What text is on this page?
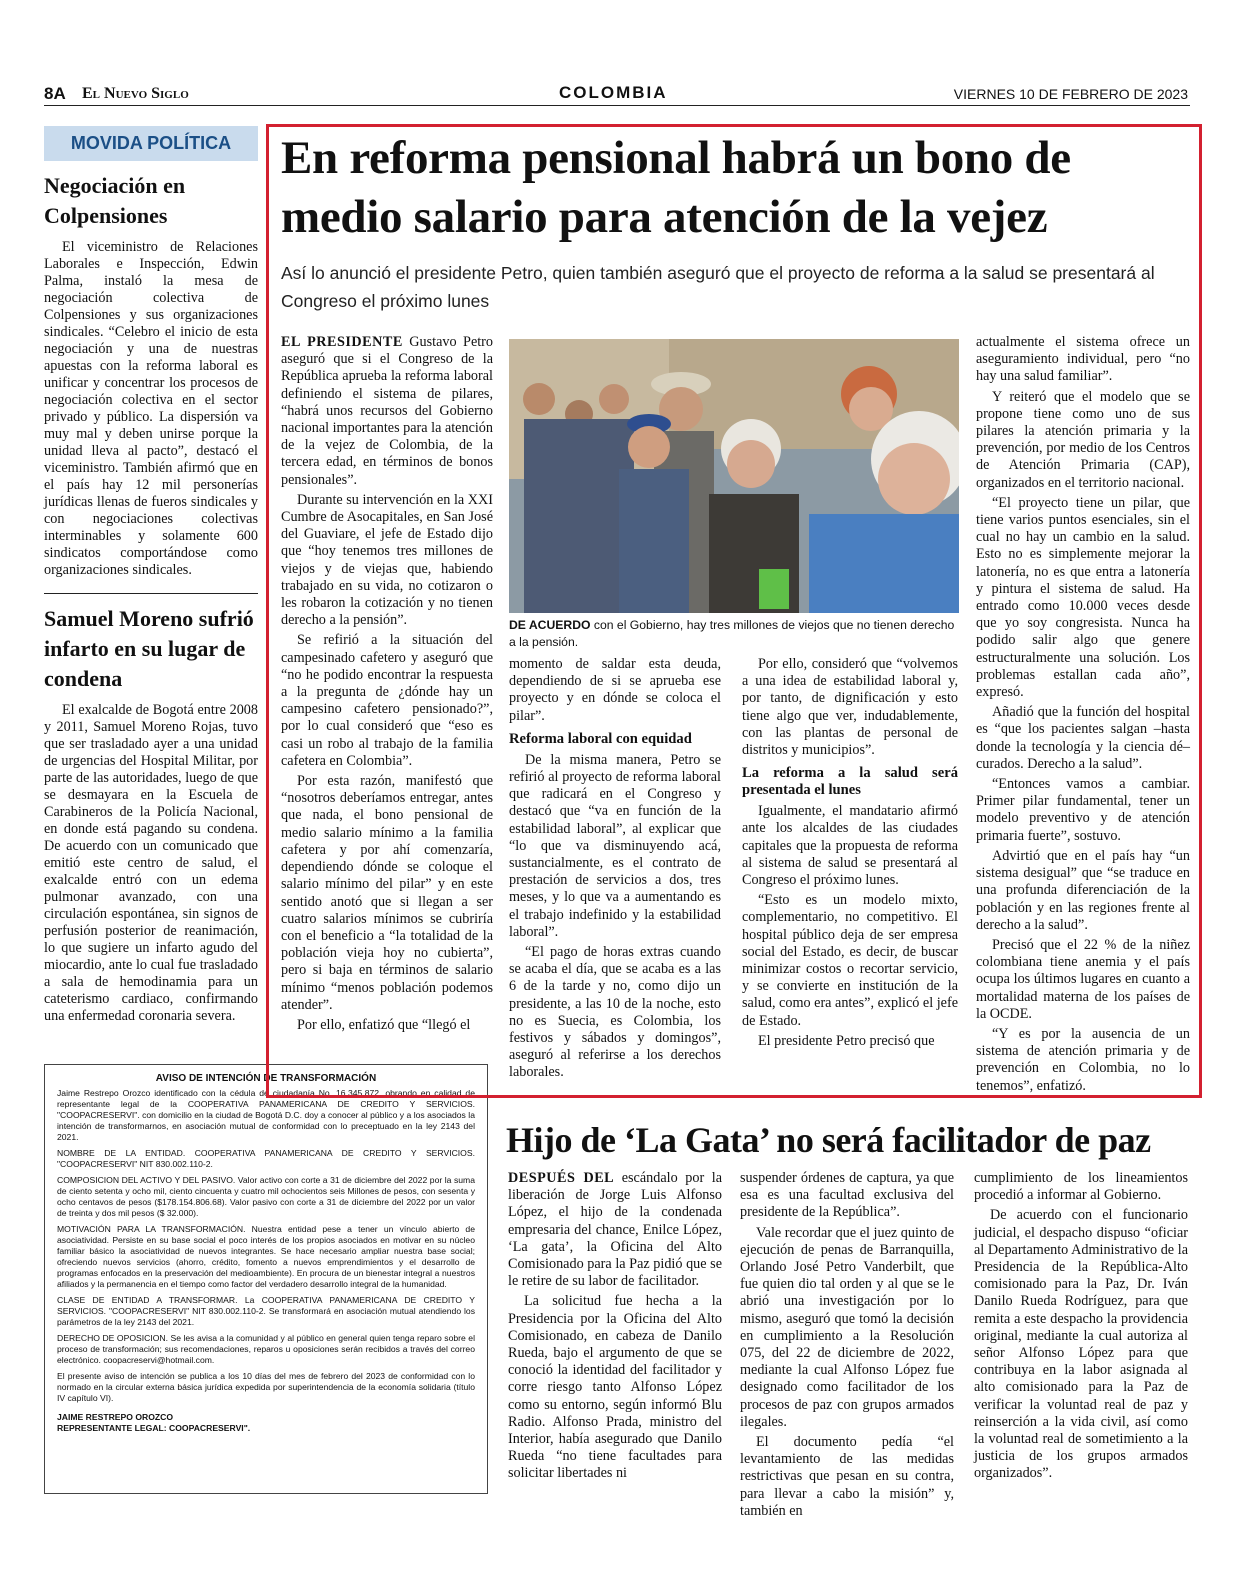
8A El Nuevo Siglo	COLOMBIA	VIERNES 10 DE FEBRERO DE 2023
MOVIDA POLÍTICA
Negociación en Colpensiones

El viceministro de Relaciones Laborales e Inspección, Edwin Palma, instaló la mesa de negociación colectiva de Colpensiones y sus organizaciones sindicales. “Celebro el inicio de esta negociación y una de nuestras apuestas con la reforma laboral es unificar y concentrar los procesos de negociación colectiva en el sector privado y público. La dispersión va muy mal y deben unirse porque la unidad lleva al pacto”, destacó el viceministro. También afirmó que en el país hay 12 mil personerías jurídicas llenas de fueros sindicales y con negociaciones colectivas interminables y solamente 600 sindicatos comportándose como organizaciones sindicales.

Samuel Moreno sufrió infarto en su lugar de condena

El exalcalde de Bogotá entre 2008 y 2011, Samuel Moreno Rojas, tuvo que ser trasladado ayer a una unidad de urgencias del Hospital Militar, por parte de las autoridades, luego de que se desmayara en la Escuela de Carabineros de la Policía Nacional, en donde está pagando su condena. De acuerdo con un comunicado que emitió este centro de salud, el exalcalde entró con un edema pulmonar avanzado, con una circulación espontánea, sin signos de perfusión posterior de reanimación, lo que sugiere un infarto agudo del miocardio, ante lo cual fue trasladado a sala de hemodinamia para un cateterismo cardiaco, confirmando una enfermedad coronaria severa.

AVISO DE INTENCIÓN DE TRANSFORMACIÓN

Jaime Restrepo Orozco identificado con la cédula de ciudadanía No. 16.345.872, obrando en calidad de representante legal de la COOPERATIVA PANAMERICANA DE CREDITO Y SERVICIOS. "COOPACRESERVI". con domicilio en la ciudad de Bogotá D.C. doy a conocer al público y a los asociados la intención de transformarnos, en asociación mutual de conformidad con lo preceptuado en la ley 2143 del 2021.

NOMBRE DE LA ENTIDAD. COOPERATIVA PANAMERICANA DE CREDITO Y SERVICIOS. "COOPACRESERVI" NIT 830.002.110-2.

COMPOSICION DEL ACTIVO Y DEL PASIVO. Valor activo con corte a 31 de diciembre del 2022 por la suma de ciento setenta y ocho mil, ciento cincuenta y cuatro mil ochocientos seis Millones de pesos, con sesenta y ocho centavos de pesos ($178.154.806.68). Valor pasivo con corte a 31 de diciembre del 2022 por un valor de treinta y dos mil pesos ($ 32.000).

MOTIVACIÓN PARA LA TRANSFORMACIÓN. Nuestra entidad pese a tener un vínculo abierto de asociatividad. Persiste en su base social el poco interés de los propios asociados en motivar en su núcleo familiar básico la asociatividad de nuevos integrantes. Se hace necesario ampliar nuestra base social; ofreciendo nuevos servicios (ahorro, crédito, fomento a nuevos emprendimientos y el desarrollo de programas enfocados en la preservación del medioambiente). En procura de un bienestar integral a nuestros afiliados y la permanencia en el tiempo como factor del verdadero desarrollo integral de la humanidad.

CLASE DE ENTIDAD A TRANSFORMAR. La COOPERATIVA PANAMERICANA DE CREDITO Y SERVICIOS. "COOPACRESERVI" NIT 830.002.110-2. Se transformará en asociación mutual atendiendo los parámetros de la ley 2143 del 2021.

DERECHO DE OPOSICION. Se les avisa a la comunidad y al público en general quien tenga reparo sobre el proceso de transformación; sus recomendaciones, reparos u oposiciones serán recibidos a través del correo electrónico. coopacreservi@hotmail.com.

El presente aviso de intención se publica a los 10 días del mes de febrero del 2023 de conformidad con lo normado en la circular externa básica jurídica expedida por superintendencia de la economía solidaria (título IV capítulo VI).

JAIME RESTREPO OROZCO
REPRESENTANTE LEGAL: COOPACRESERVI".
En reforma pensional habrá un bono de medio salario para atención de la vejez

Así lo anunció el presidente Petro, quien también aseguró que el proyecto de reforma a la salud se presentará al Congreso el próximo lunes

EL PRESIDENTE Gustavo Petro aseguró que si el Congreso de la República aprueba la reforma laboral definiendo el sistema de pilares, “habrá unos recursos del Gobierno nacional importantes para la atención de la vejez de Colombia, de la tercera edad, en términos de bonos pensionales”.

Durante su intervención en la XXI Cumbre de Asocapitales, en San José del Guaviare, el jefe de Estado dijo que “hoy tenemos tres millones de viejos y de viejas que, habiendo trabajado en su vida, no cotizaron o les robaron la cotización y no tienen derecho a la pensión”.

Se refirió a la situación del campesinado cafetero y aseguró que “no he podido encontrar la respuesta a la pregunta de ¿dónde hay un campesino cafetero pensionado?”, por lo cual consideró que “eso es casi un robo al trabajo de la familia cafetera en Colombia”.

Por esta razón, manifestó que “nosotros deberíamos entregar, antes que nada, el bono pensional de medio salario mínimo a la familia cafetera y por ahí comenzaría, dependiendo dónde se coloque el salario mínimo del pilar” y en este sentido anotó que si llegan a ser cuatro salarios mínimos se cubriría con el beneficio a “la totalidad de la población vieja hoy no cubierta”, pero si baja en términos de salario mínimo “menos población podemos atender”.

Por ello, enfatizó que “llegó el

DE ACUERDO con el Gobierno, hay tres millones de viejos que no tienen derecho a la pensión.

momento de saldar esta deuda, dependiendo de si se aprueba ese proyecto y en dónde se coloca el pilar”.

Reforma laboral con equidad

De la misma manera, Petro se refirió al proyecto de reforma laboral que radicará en el Congreso y destacó que “va en función de la estabilidad laboral”, al explicar que “lo que va disminuyendo acá, sustancialmente, es el contrato de prestación de servicios a dos, tres meses, y lo que va a aumentando es el trabajo indefinido y la estabilidad laboral”.

“El pago de horas extras cuando se acaba el día, que se acaba es a las 6 de la tarde y no, como dijo un presidente, a las 10 de la noche, esto no es Suecia, es Colombia, los festivos y sábados y domingos”, aseguró al referirse a los derechos laborales.

Por ello, consideró que “volvemos a una idea de estabilidad laboral y, por tanto, de dignificación y esto tiene algo que ver, indudablemente, con las plantas de personal de distritos y municipios”.

La reforma a la salud será presentada el lunes

Igualmente, el mandatario afirmó ante los alcaldes de las ciudades capitales que la propuesta de reforma al sistema de salud se presentará al Congreso el próximo lunes.

“Esto es un modelo mixto, complementario, no competitivo. El hospital público deja de ser empresa social del Estado, es decir, de buscar minimizar costos o recortar servicio, y se convierte en institución de la salud, como era antes”, explicó el jefe de Estado.

El presidente Petro precisó que

actualmente el sistema ofrece un aseguramiento individual, pero “no hay una salud familiar”.

Y reiteró que el modelo que se propone tiene como uno de sus pilares la atención primaria y la prevención, por medio de los Centros de Atención Primaria (CAP), organizados en el territorio nacional.

“El proyecto tiene un pilar, que tiene varios puntos esenciales, sin el cual no hay un cambio en la salud. Esto no es simplemente mejorar la latonería, no es que entra a latonería y pintura el sistema de salud. Ha entrado como 10.000 veces desde que yo soy congresista. Nunca ha podido salir algo que genere estructuralmente una solución. Los problemas estallan cada año”, expresó.

Añadió que la función del hospital es “que los pacientes salgan –hasta donde la tecnología y la ciencia dé– curados. Derecho a la salud”.

“Entonces vamos a cambiar. Primer pilar fundamental, tener un modelo preventivo y de atención primaria fuerte”, sostuvo.

Advirtió que en el país hay “un sistema desigual” que “se traduce en una profunda diferenciación de la población y en las regiones frente al derecho a la salud”.

Precisó que el 22 % de la niñez colombiana tiene anemia y el país ocupa los últimos lugares en cuanto a mortalidad materna de los países de la OCDE.

“Y es por la ausencia de un sistema de atención primaria y de prevención en Colombia, no lo tenemos”, enfatizó.

Hijo de ‘La Gata’ no será facilitador de paz

DESPUÉS DEL escándalo por la liberación de Jorge Luis Alfonso López, el hijo de la condenada empresaria del chance, Enilce López, ‘La gata’, la Oficina del Alto Comisionado para la Paz pidió que se le retire de su labor de facilitador.

La solicitud fue hecha a la Presidencia por la Oficina del Alto Comisionado, en cabeza de Danilo Rueda, bajo el argumento de que se conoció la identidad del facilitador y corre riesgo tanto Alfonso López como su entorno, según informó Blu Radio. Alfonso Prada, ministro del Interior, había asegurado que Danilo Rueda “no tiene facultades para solicitar libertades ni

suspender órdenes de captura, ya que esa es una facultad exclusiva del presidente de la República”.

Vale recordar que el juez quinto de ejecución de penas de Barranquilla, Orlando José Petro Vanderbilt, que fue quien dio tal orden y al que se le abrió una investigación por lo mismo, aseguró que tomó la decisión en cumplimiento a la Resolución 075, del 22 de diciembre de 2022, mediante la cual Alfonso López fue designado como facilitador de los procesos de paz con grupos armados ilegales.

El documento pedía “el levantamiento de las medidas restrictivas que pesan en su contra, para llevar a cabo la misión” y, también en

cumplimiento de los lineamientos procedió a informar al Gobierno.

De acuerdo con el funcionario judicial, el despacho dispuso “oficiar al Departamento Administrativo de la Presidencia de la República-Alto comisionado para la Paz, Dr. Iván Danilo Rueda Rodríguez, para que remita a este despacho la providencia original, mediante la cual autoriza al señor Alfonso López para que contribuya en la labor asignada al alto comisionado para la Paz de verificar la voluntad real de paz y reinserción a la vida civil, así como la voluntad real de sometimiento a la justicia de los grupos armados organizados”.
